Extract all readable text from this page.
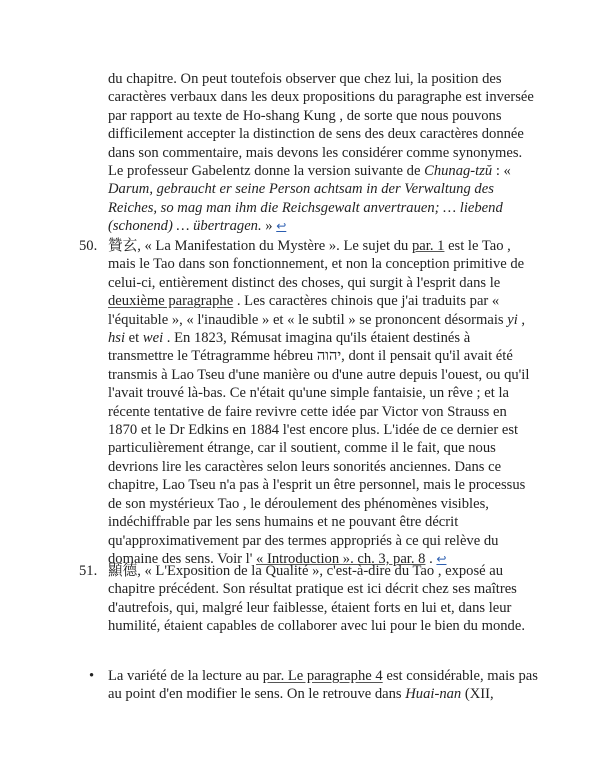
du chapitre. On peut toutefois observer que chez lui, la position des caractères verbaux dans les deux propositions du paragraphe est inversée par rapport au texte de Ho-shang Kung , de sorte que nous pouvons difficilement accepter la distinction de sens des deux caractères donnée dans son commentaire, mais devons les considérer comme synonymes. Le professeur Gabelentz donne la version suivante de Chunag-tzŭ : « Darum, gebraucht er seine Person achtsam in der Verwaltung des Reiches, so mag man ihm die Reichsgewalt anvertrauen; … liebend (schonend) … übertragen. » ↩
50. 贊玄, « La Manifestation du Mystère ». Le sujet du par. 1 est le Tao , mais le Tao dans son fonctionnement, et non la conception primitive de celui-ci, entièrement distinct des choses, qui surgit à l'esprit dans le deuxième paragraphe . Les caractères chinois que j'ai traduits par « l'équitable », « l'inaudible » et « le subtil » se prononcent désormais yi , hsi et wei . En 1823, Rémusat imagina qu'ils étaient destinés à transmettre le Tétragramme hébreu יהוה, dont il pensait qu'il avait été transmis à Lao Tseu d'une manière ou d'une autre depuis l'ouest, ou qu'il l'avait trouvé là-bas. Ce n'était qu'une simple fantaisie, un rêve ; et la récente tentative de faire revivre cette idée par Victor von Strauss en 1870 et le Dr Edkins en 1884 l'est encore plus. L'idée de ce dernier est particulièrement étrange, car il soutient, comme il le fait, que nous devrions lire les caractères selon leurs sonorités anciennes. Dans ce chapitre, Lao Tseu n'a pas à l'esprit un être personnel, mais le processus de son mystérieux Tao , le déroulement des phénomènes visibles, indéchiffrable par les sens humains et ne pouvant être décrit qu'approximativement par des termes appropriés à ce qui relève du domaine des sens. Voir l' « Introduction ». ch. 3, par. 8 . ↩
51. 顯德, « L'Exposition de la Qualité », c'est-à-dire du Tao , exposé au chapitre précédent. Son résultat pratique est ici décrit chez ses maîtres d'autrefois, qui, malgré leur faiblesse, étaient forts en lui et, dans leur humilité, étaient capables de collaborer avec lui pour le bien du monde.
• La variété de la lecture au par. Le paragraphe 4 est considérable, mais pas au point d'en modifier le sens. On le retrouve dans Huai-nan (XII,
